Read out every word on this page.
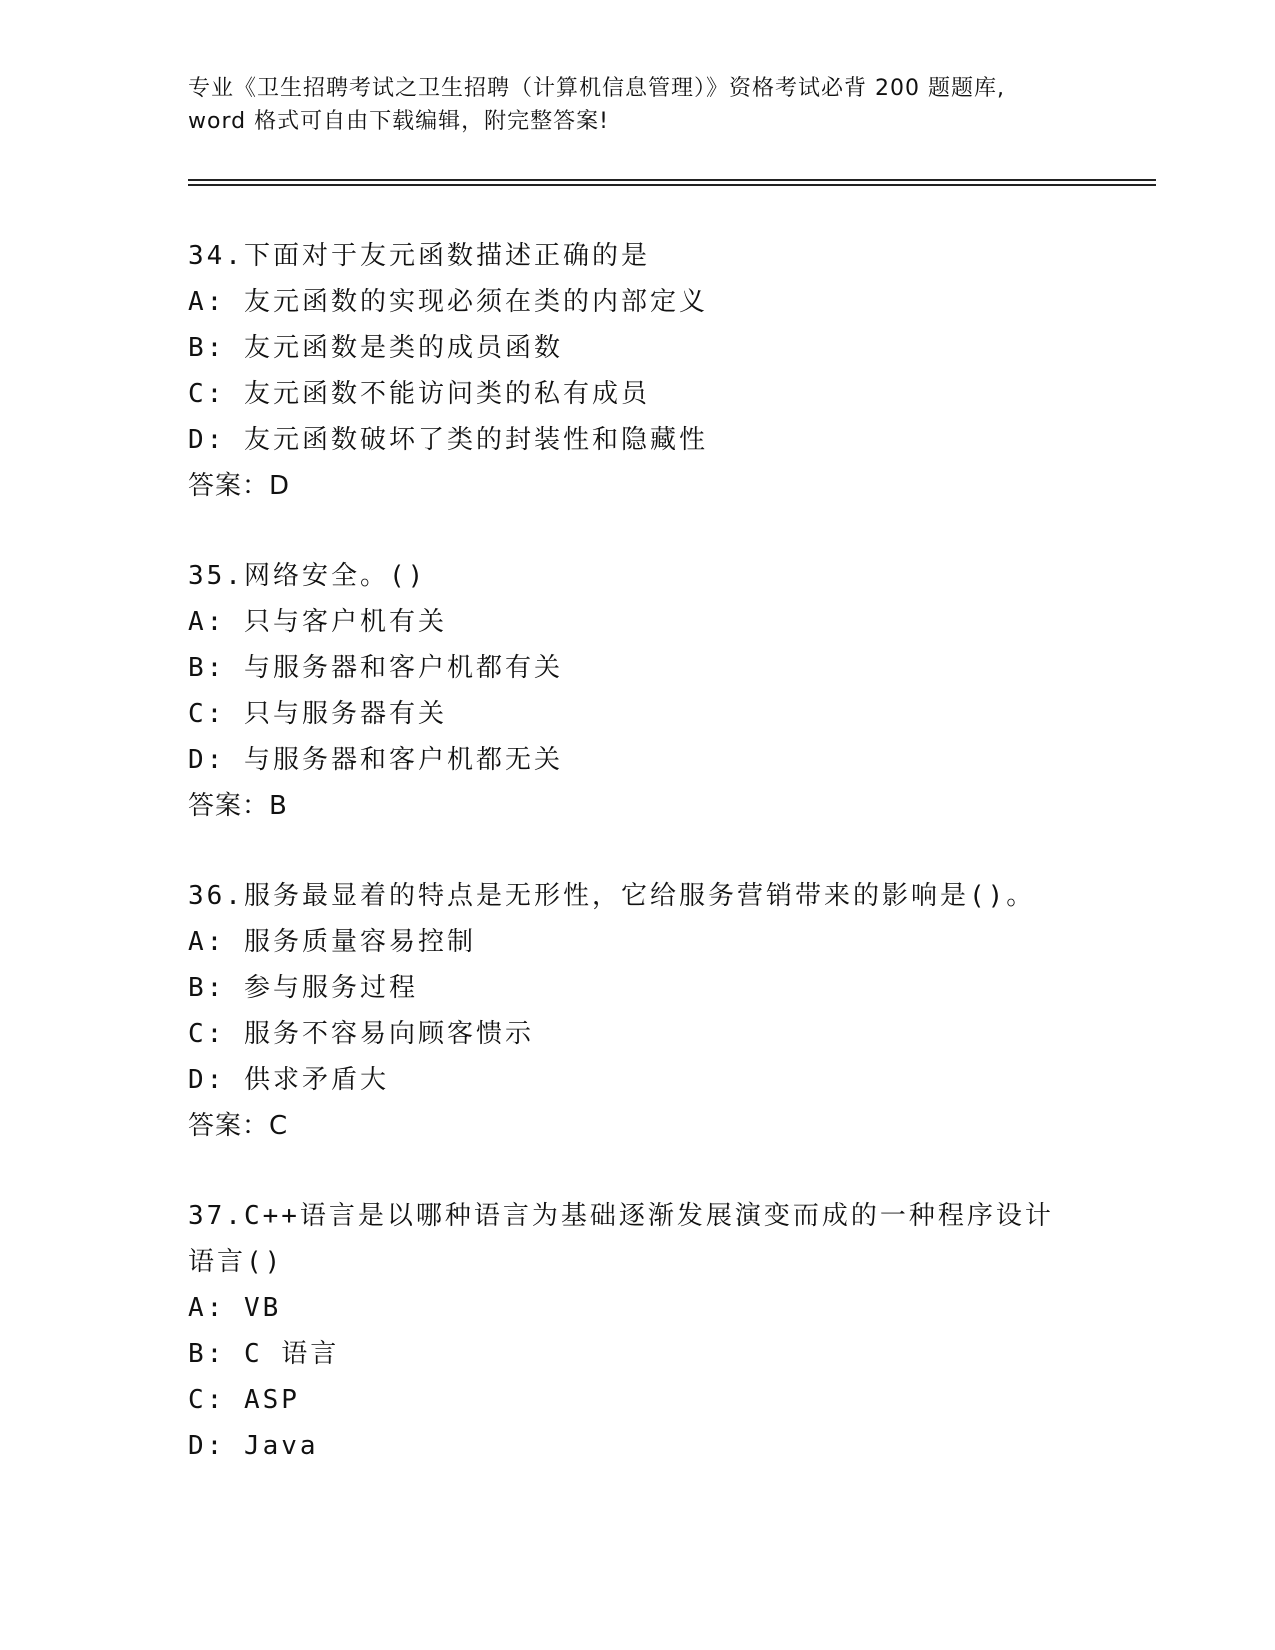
专业《卫生招聘考试之卫生招聘（计算机信息管理）》资格考试必背 200 题题库,
word 格式可自由下载编辑，附完整答案!
34.下面对于友元函数描述正确的是
A: 友元函数的实现必须在类的内部定义
B: 友元函数是类的成员函数
C: 友元函数不能访问类的私有成员
D: 友元函数破坏了类的封装性和隐藏性
答案：D
35.网络安全。()
A: 只与客户机有关
B: 与服务器和客户机都有关
C: 只与服务器有关
D: 与服务器和客户机都无关
答案：B
36.服务最显着的特点是无形性，它给服务营销带来的影响是()。
A: 服务质量容易控制
B: 参与服务过程
C: 服务不容易向顾客愦示
D: 供求矛盾大
答案：C
37.C++语言是以哪种语言为基础逐渐发展演变而成的一种程序设计语言()
A: VB
B: C 语言
C: ASP
D: Java
